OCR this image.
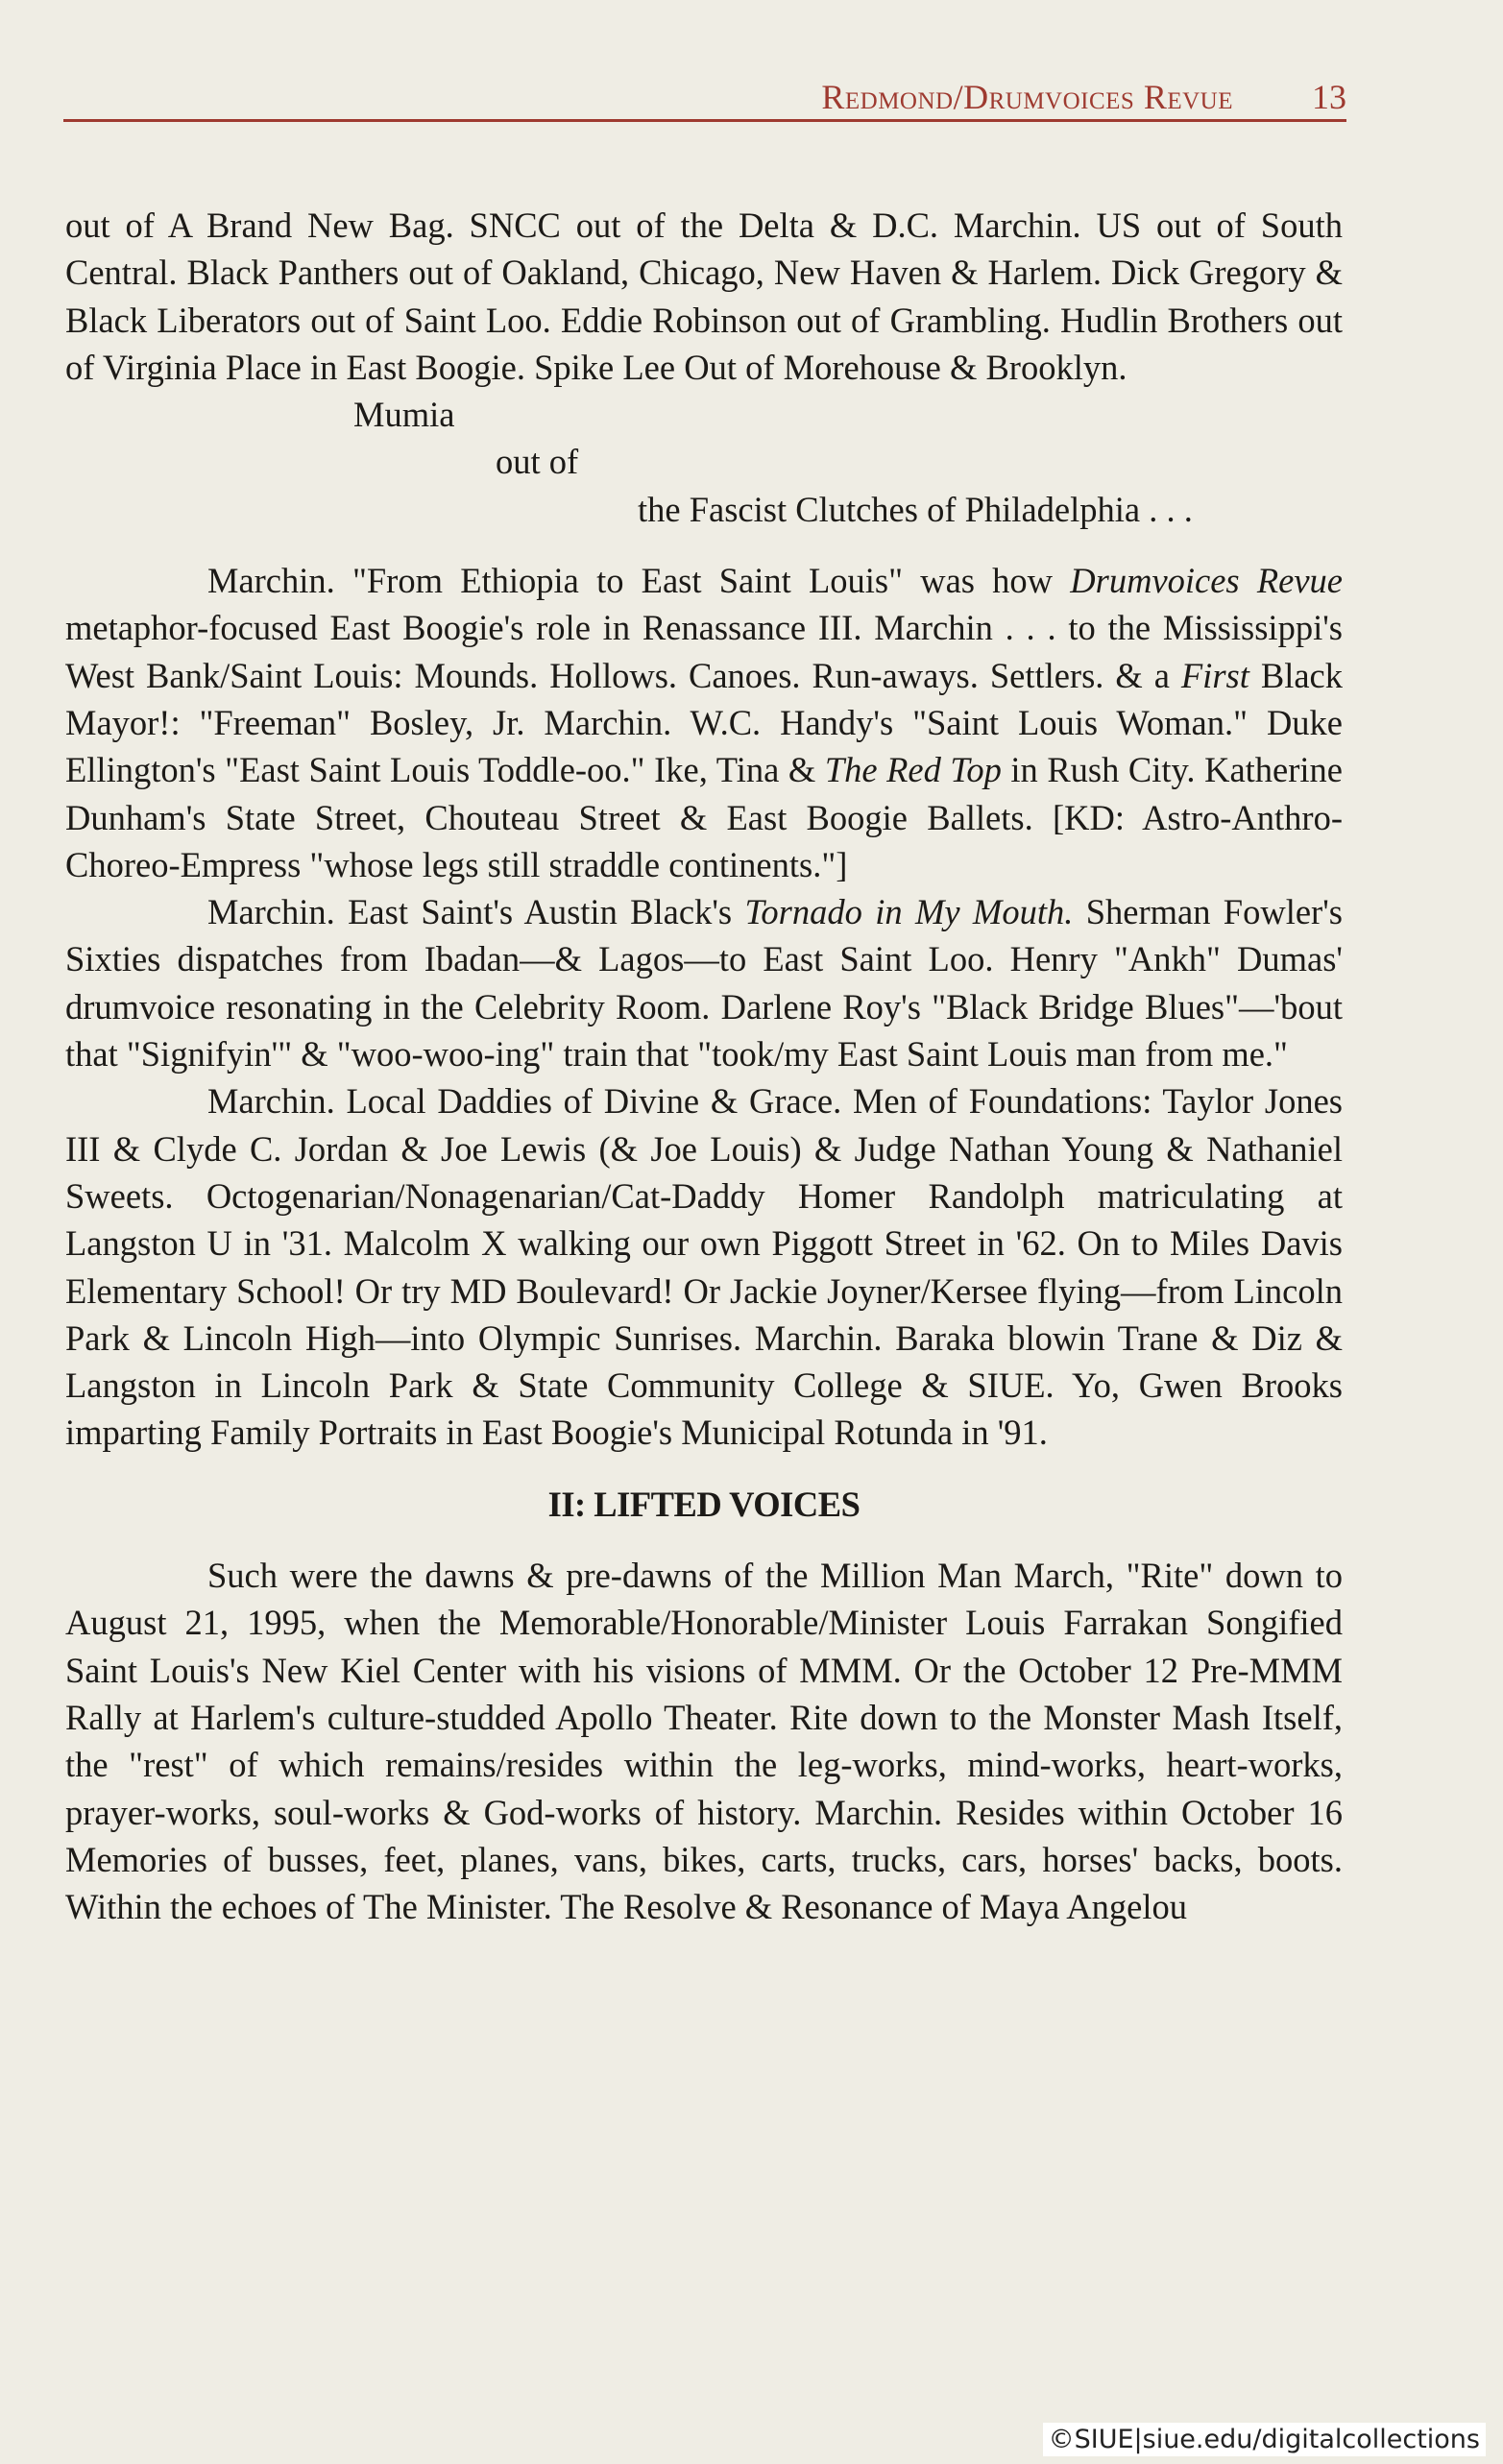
Redmond/Drumvoices Revue 13

out of A Brand New Bag. SNCC out of the Delta & D.C. Marchin. US out of South Central. Black Panthers out of Oakland, Chicago, New Haven & Harlem. Dick Gregory & Black Liberators out of Saint Loo. Eddie Robinson out of Grambling. Hudlin Brothers out of Virginia Place in East Boogie. Spike Lee Out of Morehouse & Brooklyn.

Mumia

out of

the Fascist Clutches of Philadelphia . . .

Marchin. "From Ethiopia to East Saint Louis" was how Drumvoices Revue metaphor-focused East Boogie's role in Renassance III. Marchin . . . to the Mississippi's West Bank/Saint Louis: Mounds. Hollows. Canoes. Run-aways. Settlers. & a First Black Mayor!: "Freeman" Bosley, Jr. Marchin. W.C. Handy's "Saint Louis Woman." Duke Ellington's "East Saint Louis Toddle-oo." Ike, Tina & The Red Top in Rush City. Katherine Dunham's State Street, Chouteau Street & East Boogie Ballets. [KD: Astro-Anthro-Choreo-Empress "whose legs still straddle continents."]

Marchin. East Saint's Austin Black's Tornado in My Mouth. Sherman Fowler's Sixties dispatches from Ibadan—& Lagos—to East Saint Loo. Henry "Ankh" Dumas' drumvoice resonating in the Celebrity Room. Darlene Roy's "Black Bridge Blues"—'bout that "Signifyin'" & "woo-woo-ing" train that "took/my East Saint Louis man from me."

Marchin. Local Daddies of Divine & Grace. Men of Foundations: Taylor Jones III & Clyde C. Jordan & Joe Lewis (& Joe Louis) & Judge Nathan Young & Nathaniel Sweets. Octogenarian/Nonagenarian/Cat-Daddy Homer Randolph matriculating at Langston U in '31. Malcolm X walking our own Piggott Street in '62. On to Miles Davis Elementary School! Or try MD Boulevard! Or Jackie Joyner/Kersee flying—from Lincoln Park & Lincoln High—into Olympic Sunrises. Marchin. Baraka blowin Trane & Diz & Langston in Lincoln Park & State Community College & SIUE. Yo, Gwen Brooks imparting Family Portraits in East Boogie's Municipal Rotunda in '91.

II: LIFTED VOICES

Such were the dawns & pre-dawns of the Million Man March, "Rite" down to August 21, 1995, when the Memorable/Honorable/Minister Louis Farrakan Songified Saint Louis's New Kiel Center with his visions of MMM. Or the October 12 Pre-MMM Rally at Harlem's culture-studded Apollo Theater. Rite down to the Monster Mash Itself, the "rest" of which remains/resides within the leg-works, mind-works, heart-works, prayer-works, soul-works & God-works of history. Marchin. Resides within October 16 Memories of busses, feet, planes, vans, bikes, carts, trucks, cars, horses' backs, boots. Within the echoes of The Minister. The Resolve & Resonance of Maya Angelou

©SIUE|siue.edu/digitalcollections
